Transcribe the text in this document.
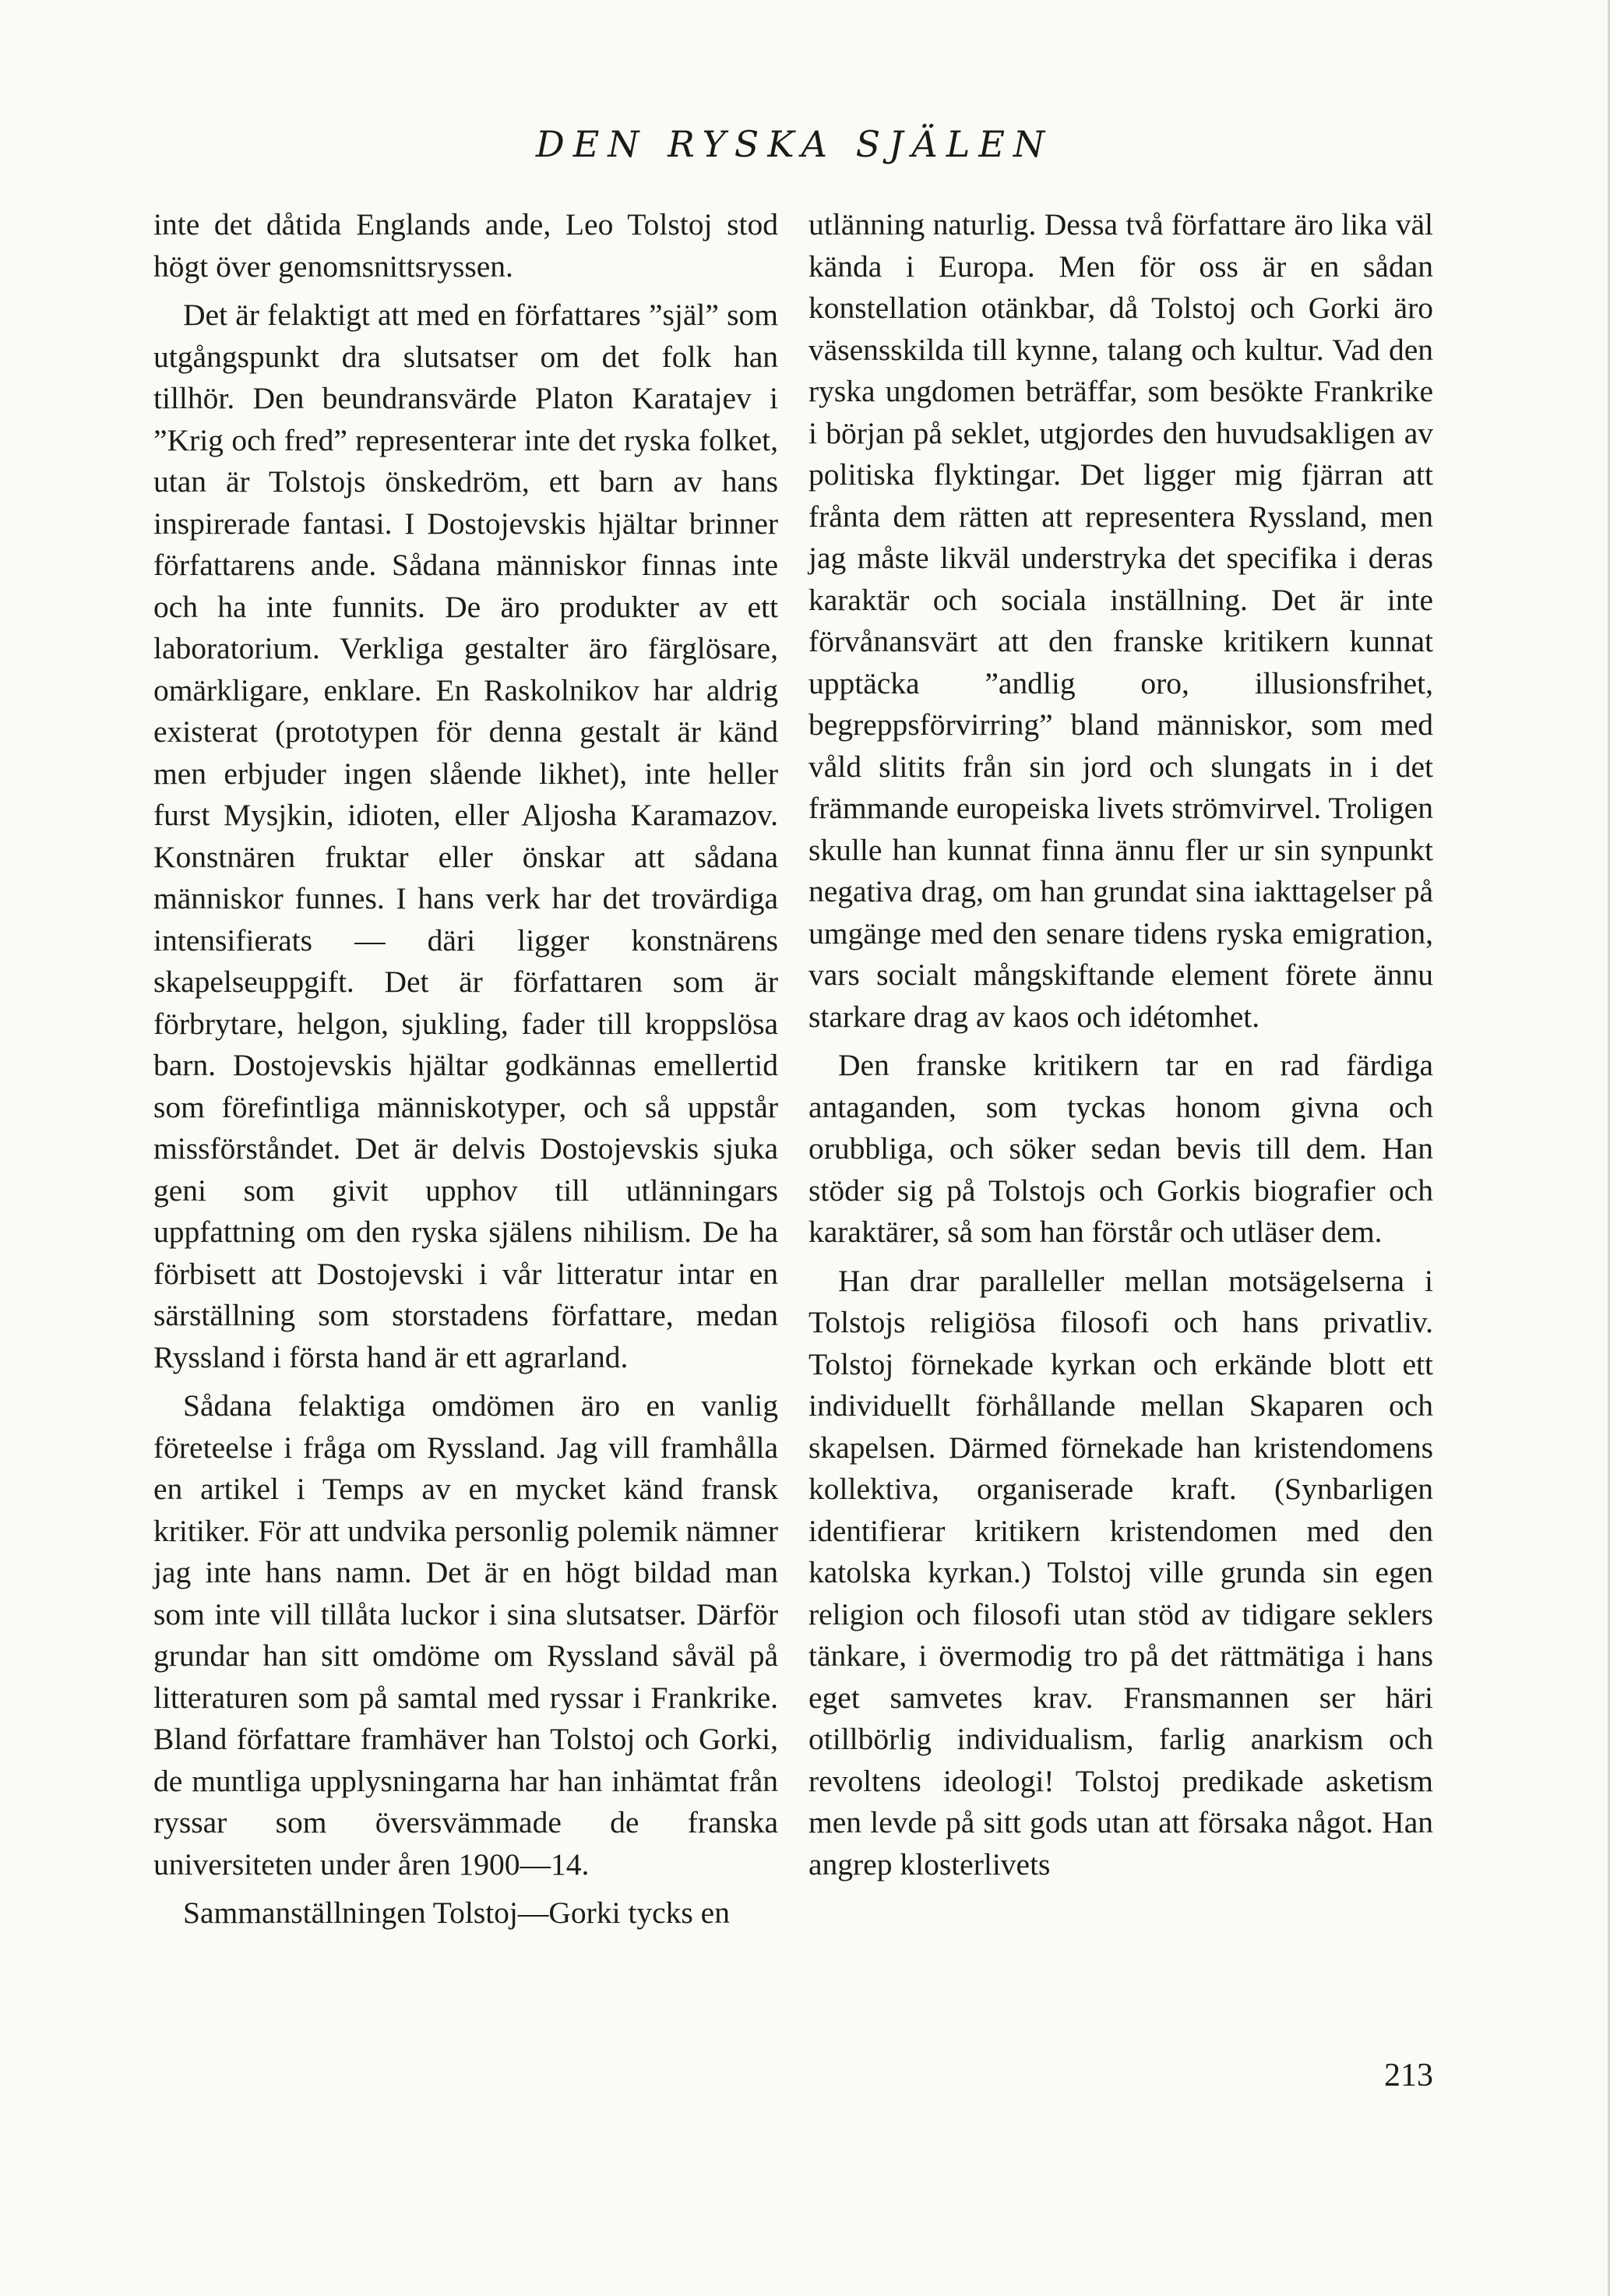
DEN RYSKA SJÄLEN

inte det dåtida Englands ande, Leo Tolstoj stod högt över genomsnittsryssen.

Det är felaktigt att med en författares ”själ” som utgångspunkt dra slutsatser om det folk han tillhör. Den beundransvärde Platon Karatajev i ”Krig och fred” representerar inte det ryska folket, utan är Tolstojs önskedröm, ett barn av hans inspirerade fantasi. I Dostojevskis hjältar brinner författarens ande. Sådana människor finnas inte och ha inte funnits. De äro produkter av ett laboratorium. Verkliga gestalter äro färglösare, omärkligare, enklare. En Raskolnikov har aldrig existerat (prototypen för denna gestalt är känd men erbjuder ingen slående likhet), inte heller furst Mysjkin, idioten, eller Aljosha Karamazov. Konstnären fruktar eller önskar att sådana människor funnes. I hans verk har det trovärdiga intensifierats — däri ligger konstnärens skapelseuppgift. Det är författaren som är förbrytare, helgon, sjukling, fader till kroppslösa barn. Dostojevskis hjältar godkännas emellertid som förefintliga människotyper, och så uppstår missförståndet. Det är delvis Dostojevskis sjuka geni som givit upphov till utlänningars uppfattning om den ryska själens nihilism. De ha förbisett att Dostojevski i vår litteratur intar en särställning som storstadens författare, medan Ryssland i första hand är ett agrarland.

Sådana felaktiga omdömen äro en vanlig företeelse i fråga om Ryssland. Jag vill framhålla en artikel i Temps av en mycket känd fransk kritiker. För att undvika personlig polemik nämner jag inte hans namn. Det är en högt bildad man som inte vill tillåta luckor i sina slutsatser. Därför grundar han sitt omdöme om Ryssland såväl på litteraturen som på samtal med ryssar i Frankrike. Bland författare framhäver han Tolstoj och Gorki, de muntliga upplysningarna har han inhämtat från ryssar som översvämmade de franska universiteten under åren 1900—14.

Sammanställningen Tolstoj—Gorki tycks en

utlänning naturlig. Dessa två författare äro lika väl kända i Europa. Men för oss är en sådan konstellation otänkbar, då Tolstoj och Gorki äro väsensskilda till kynne, talang och kultur. Vad den ryska ungdomen beträffar, som besökte Frankrike i början på seklet, utgjordes den huvudsakligen av politiska flyktingar. Det ligger mig fjärran att frånta dem rätten att representera Ryssland, men jag måste likväl understryka det specifika i deras karaktär och sociala inställning. Det är inte förvånansvärt att den franske kritikern kunnat upptäcka ”andlig oro, illusionsfrihet, begreppsförvirring” bland människor, som med våld slitits från sin jord och slungats in i det främmande europeiska livets strömvirvel. Troligen skulle han kunnat finna ännu fler ur sin synpunkt negativa drag, om han grundat sina iakttagelser på umgänge med den senare tidens ryska emigration, vars socialt mångskiftande element förete ännu starkare drag av kaos och idétomhet.

Den franske kritikern tar en rad färdiga antaganden, som tyckas honom givna och orubbliga, och söker sedan bevis till dem. Han stöder sig på Tolstojs och Gorkis biografier och karaktärer, så som han förstår och utläser dem.

Han drar paralleller mellan motsägelserna i Tolstojs religiösa filosofi och hans privatliv. Tolstoj förnekade kyrkan och erkände blott ett individuellt förhållande mellan Skaparen och skapelsen. Därmed förnekade han kristendomens kollektiva, organiserade kraft. (Synbarligen identifierar kritikern kristendomen med den katolska kyrkan.) Tolstoj ville grunda sin egen religion och filosofi utan stöd av tidigare seklers tänkare, i övermodig tro på det rättmätiga i hans eget samvetes krav. Fransmannen ser häri otillbörlig individualism, farlig anarkism och revoltens ideologi! Tolstoj predikade asketism men levde på sitt gods utan att försaka något. Han angrep klosterlivets

213
